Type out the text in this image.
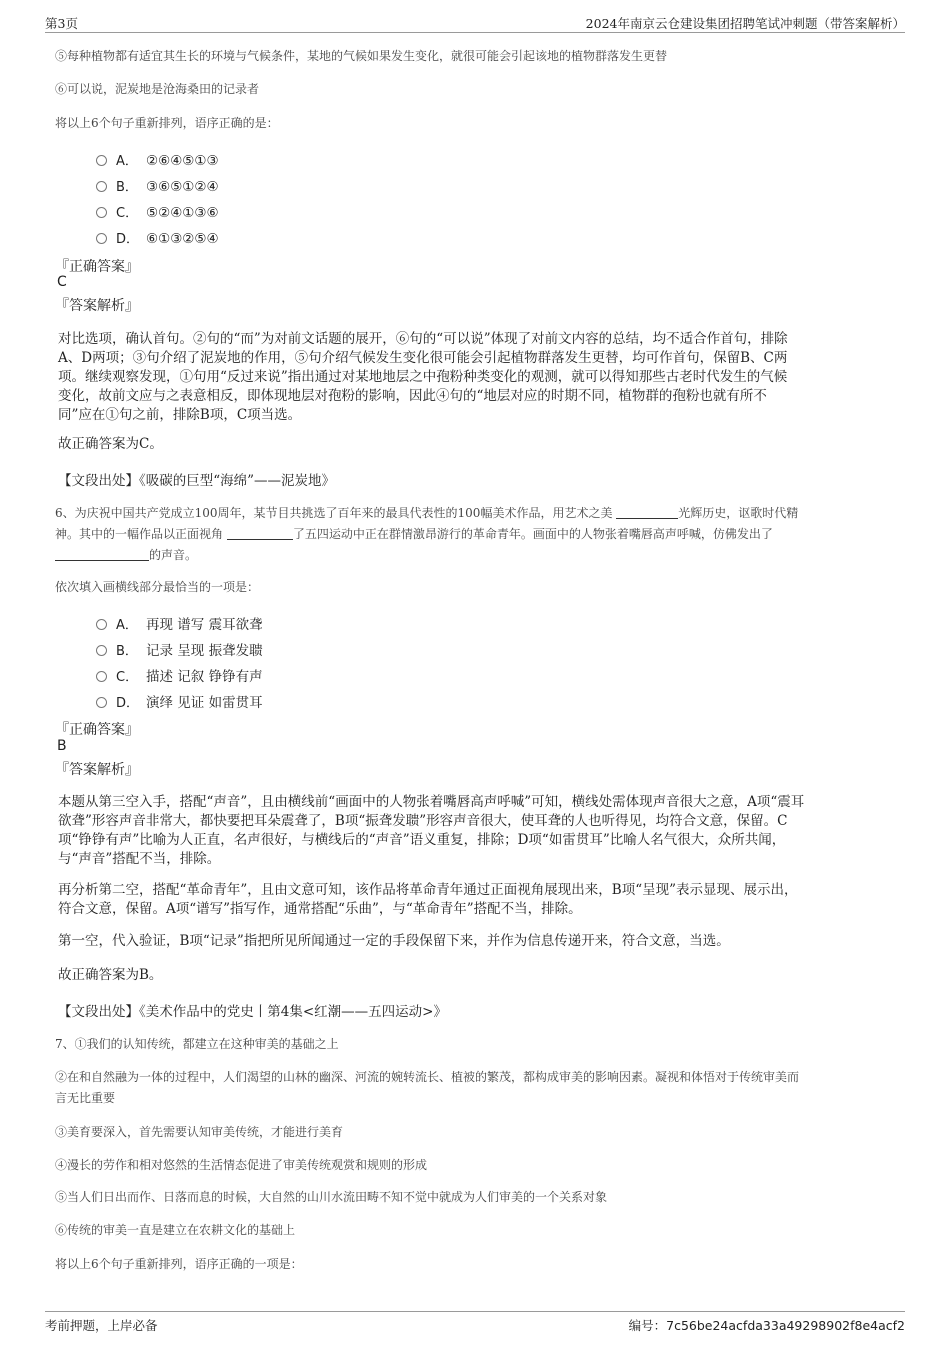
第3页	2024年南京云仓建设集团招聘笔试冲刺题（带答案解析）
⑤每种植物都有适宜其生长的环境与气候条件，某地的气候如果发生变化，就很可能会引起该地的植物群落发生更替
⑥可以说，泥炭地是沧海桑田的记录者
将以上6个句子重新排列，语序正确的是：
A． ②⑥④⑤①③
B． ③⑥⑤①②④
C． ⑤②④①③⑥
D． ⑥①③②⑤④
『正确答案』
C
『答案解析』
对比选项，确认首句。②句的“而”为对前文话题的展开，⑥句的“可以说”体现了对前文内容的总结，均不适合作首句，排除
A、D两项；③句介绍了泥炭地的作用，⑤句介绍气候发生变化很可能会引起植物群落发生更替，均可作首句，保留B、C两
项。继续观察发现，①句用“反过来说”指出通过对某地地层之中孢粉种类变化的观测，就可以得知那些古老时代发生的气候
变化，故前文应与之表意相反，即体现地层对孢粉的影响，因此④句的“地层对应的时期不同，植物群的孢粉也就有所不
同”应在①句之前，排除B项，C项当选。
故正确答案为C。
【文段出处】《吸碳的巨型“海绵”——泥炭地》
6、为庆祝中国共产党成立100周年，某节目共挑选了百年来的最具代表性的100幅美术作品，用艺术之美	光辉历史，讴歌时代精
神。其中的一幅作品以正面视角	了五四运动中正在群情激昂游行的革命青年。画面中的人物张着嘴唇高声呼喊，仿佛发出了
的声音。
依次填入画横线部分最恰当的一项是：
A． 再现 谱写 震耳欲聋
B． 记录 呈现 振聋发聩
C． 描述 记叙 铮铮有声
D． 演绎 见证 如雷贯耳
『正确答案』
B
『答案解析』
本题从第三空入手，搭配“声音”，且由横线前“画面中的人物张着嘴唇高声呼喊”可知，横线处需体现声音很大之意，A项“震耳
欲聋”形容声音非常大，都快要把耳朵震聋了，B项“振聋发聩”形容声音很大，使耳聋的人也听得见，均符合文意，保留。C
项“铮铮有声”比喻为人正直，名声很好，与横线后的“声音”语义重复，排除；D项“如雷贯耳”比喻人名气很大，众所共闻，
与“声音”搭配不当，排除。
再分析第二空，搭配“革命青年”，且由文意可知，该作品将革命青年通过正面视角展现出来，B项“呈现”表示显现、展示出，
符合文意，保留。A项“谱写”指写作，通常搭配“乐曲”，与“革命青年”搭配不当，排除。
第一空，代入验证，B项“记录”指把所见所闻通过一定的手段保留下来，并作为信息传递开来，符合文意，当选。
故正确答案为B。
【文段出处】《美术作品中的党史丨第4集<红潮——五四运动>》
7、①我们的认知传统，都建立在这种审美的基础之上
②在和自然融为一体的过程中，人们渴望的山林的幽深、河流的婉转流长、植被的繁茂，都构成审美的影响因素。凝视和体悟对于传统审美而
言无比重要
③美育要深入，首先需要认知审美传统，才能进行美育
④漫长的劳作和相对悠然的生活情态促进了审美传统观赏和规则的形成
⑤当人们日出而作、日落而息的时候，大自然的山川水流田畴不知不觉中就成为人们审美的一个关系对象
⑥传统的审美一直是建立在农耕文化的基础上
将以上6个句子重新排列，语序正确的一项是：
考前押题，上岸必备	编号：7c56be24acfda33a49298902f8e4acf2
